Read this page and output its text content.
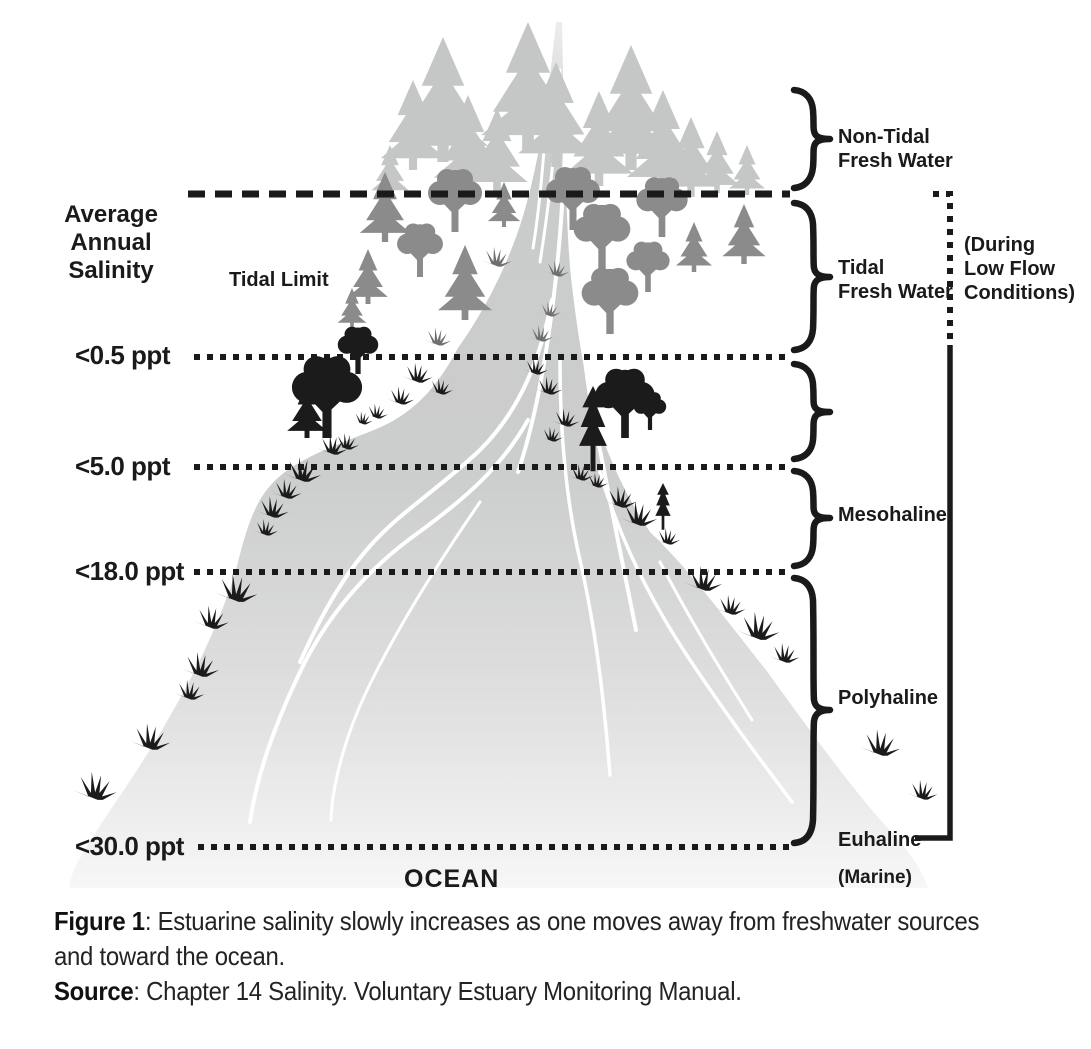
Average
Annual
Salinity	Tidal Limit
<0.5 ppt
<5.0 ppt
<18.0 ppt
<30.0 ppt
Non-Tidal
Fresh Water
Tidal
Fresh Water
Mesohaline
Polyhaline
Euhaline
(Marine)
(During
Low Flow
Conditions)
OCEAN
Figure 1: Estuarine salinity slowly increases as one moves away from freshwater sources and toward the ocean.
Source: Chapter 14 Salinity. Voluntary Estuary Monitoring Manual.
